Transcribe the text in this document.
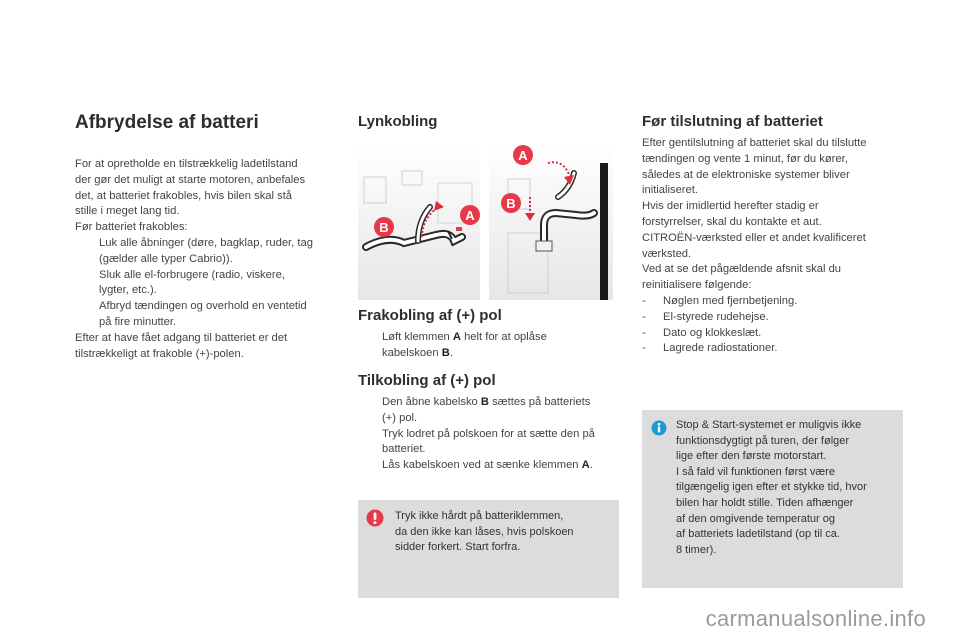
Afbrydelse af batteri
For at opretholde en tilstrækkelig ladetilstand
der gør det muligt at starte motoren, anbefales
det, at batteriet frakobles, hvis bilen skal stå
stille i meget lang tid.
Før batteriet frakobles:
Luk alle åbninger (døre, bagklap, ruder, tag
(gælder alle typer Cabrio)).
Sluk alle el-forbrugere (radio, viskere,
lygter, etc.).
Afbryd tændingen og overhold en ventetid
på fire minutter.
Efter at have fået adgang til batteriet er det
tilstrækkeligt at frakoble (+)-polen.
Lynkobling
B
A
A
B
Frakobling af (+) pol
Løft klemmen A helt for at oplåse
kabelskoen B.
Tilkobling af (+) pol
Den åbne kabelsko B sættes på batteriets
(+) pol.
Tryk lodret på polskoen for at sætte den på
batteriet.
Lås kabelskoen ved at sænke klemmen A.
Tryk ikke hårdt på batteriklemmen,
da den ikke kan låses, hvis polskoen
sidder forkert. Start forfra.
Før tilslutning af batteriet
Efter gentilslutning af batteriet skal du tilslutte
tændingen og vente 1 minut, før du kører,
således at de elektroniske systemer bliver
initialiseret.
Hvis der imidlertid herefter stadig er
forstyrrelser, skal du kontakte et aut.
CITROËN-værksted eller et andet kvalificeret
værksted.
Ved at se det pågældende afsnit skal du
reinitialisere følgende:
- Nøglen med fjernbetjening.
- El-styrede rudehejse.
- Dato og klokkeslæt.
- Lagrede radiostationer.
Stop & Start-systemet er muligvis ikke
funktionsdygtigt på turen, der følger
lige efter den første motorstart.
I så fald vil funktionen først være
tilgængelig igen efter et stykke tid, hvor
bilen har holdt stille. Tiden afhænger
af den omgivende temperatur og
af batteriets ladetilstand (op til ca.
8 timer).
carmanualsonline.info
